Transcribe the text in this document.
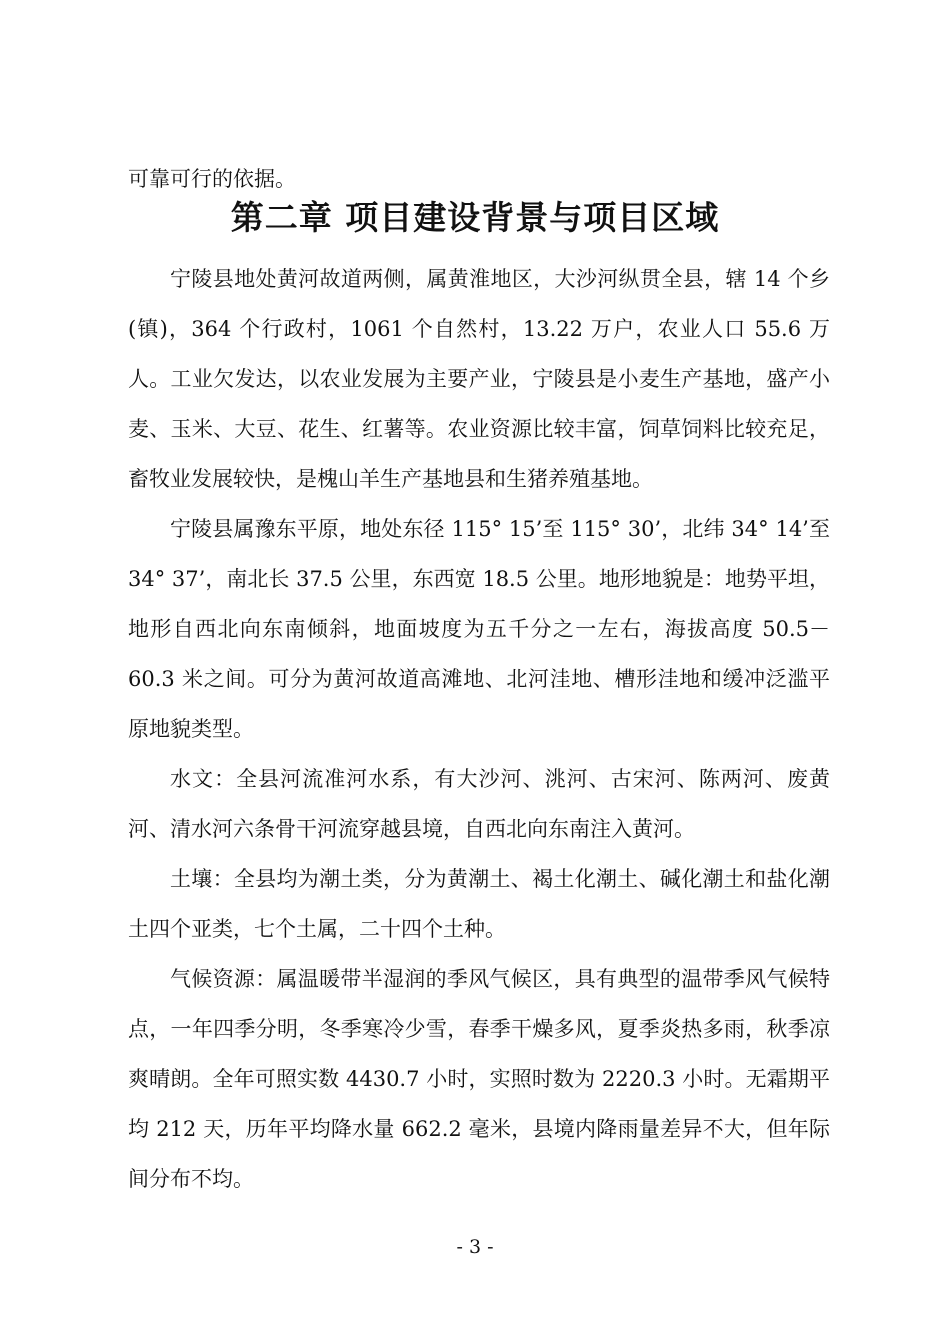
可靠可行的依据。
第二章 项目建设背景与项目区域

宁陵县地处黄河故道两侧，属黄淮地区，大沙河纵贯全县，辖 14 个乡(镇)，364 个行政村，1061 个自然村，13.22 万户，农业人口 55.6 万人。工业欠发达，以农业发展为主要产业，宁陵县是小麦生产基地，盛产小麦、玉米、大豆、花生、红薯等。农业资源比较丰富，饲草饲料比较充足，畜牧业发展较快，是槐山羊生产基地县和生猪养殖基地。

宁陵县属豫东平原，地处东径 115° 15’至 115° 30’，北纬 34° 14’至 34° 37’，南北长 37.5 公里，东西宽 18.5 公里。地形地貌是：地势平坦，地形自西北向东南倾斜，地面坡度为五千分之一左右，海拔高度 50.5－60.3 米之间。可分为黄河故道高滩地、北河洼地、槽形洼地和缓冲泛滥平原地貌类型。

水文：全县河流准河水系，有大沙河、洮河、古宋河、陈两河、废黄河、清水河六条骨干河流穿越县境，自西北向东南注入黄河。

土壤：全县均为潮土类，分为黄潮土、褐土化潮土、碱化潮土和盐化潮土四个亚类，七个土属，二十四个土种。

气候资源：属温暖带半湿润的季风气候区，具有典型的温带季风气候特点，一年四季分明，冬季寒冷少雪，春季干燥多风，夏季炎热多雨，秋季凉爽晴朗。全年可照实数 4430.7 小时，实照时数为 2220.3 小时。无霜期平均 212 天，历年平均降水量 662.2 毫米，县境内降雨量差异不大，但年际间分布不均。

- 3 -
